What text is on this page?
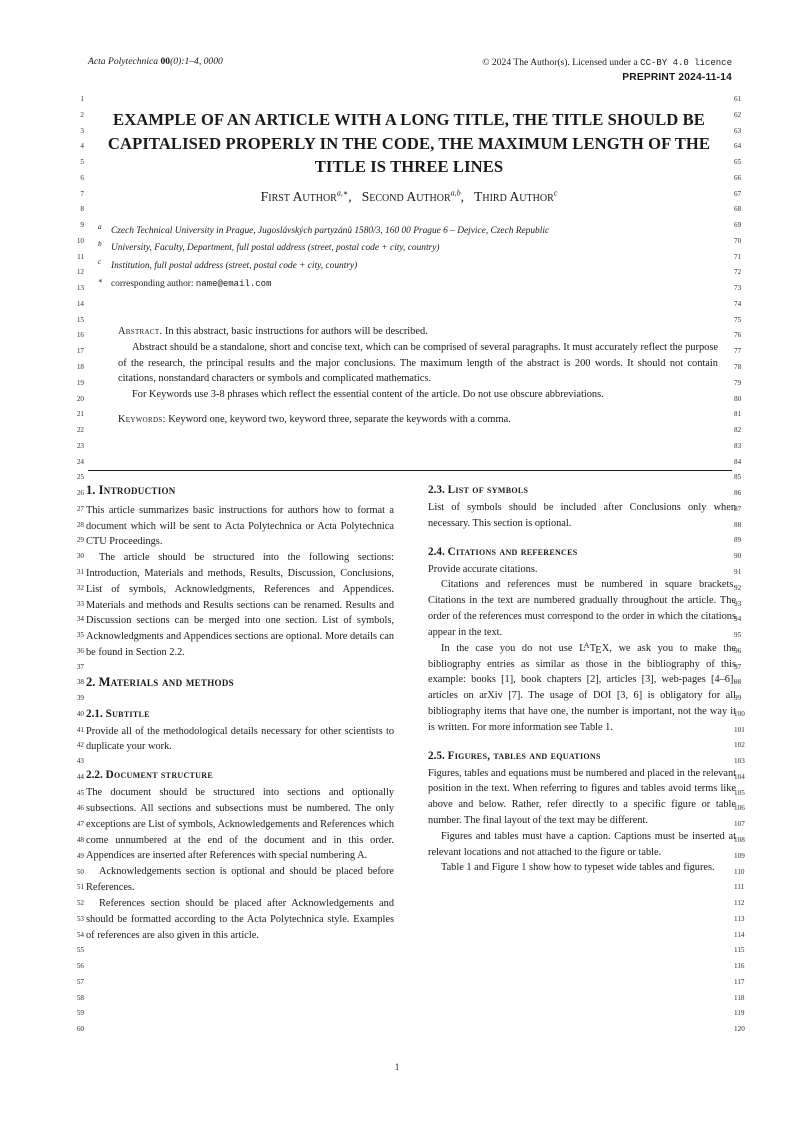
1
2
3
4
5
6
7
8
9
10
11
12
13
14
15
16
17
18
19
20
21
22
23
24
25
26
27
28
29
30
31
32
33
34
35
36
37
38
39
40
41
42
43
44
45
46
47
48
49
50
51
52
53
54
55
56
57
58
59
60
61
62
63
64
65
66
67
68
69
70
71
72
73
74
75
76
77
78
79
80
81
82
83
84
85
86
87
88
89
90
91
92
93
94
95
96
97
98
99
100
101
102
103
104
105
106
107
108
109
110
111
112
113
114
115
116
117
118
119
120
Acta Polytechnica 00(0):1–4, 0000	© 2024 The Author(s). Licensed under a CC-BY 4.0 licence
PREPRINT 2024-11-14
EXAMPLE OF AN ARTICLE WITH A LONG TITLE, THE TITLE SHOULD BE CAPITALISED PROPERLY IN THE CODE, THE MAXIMUM LENGTH OF THE TITLE IS THREE LINES
First Author$^{a,∗}$, Second Author$^{a,b}$, Third Author$^c$
a Czech Technical University in Prague, Jugoslávských partyzánů 1580/3, 160 00 Prague 6 – Dejvice, Czech Republic
b University, Faculty, Department, full postal address (street, postal code + city, country)
c Institution, full postal address (street, postal code + city, country)
∗ corresponding author: name@email.com

Abstract. In this abstract, basic instructions for authors will be described.

Abstract should be a standalone, short and concise text, which can be comprised of several paragraphs. It must accurately reflect the purpose of the research, the principal results and the major conclusions. The maximum length of the abstract is 200 words. It should not contain citations, nonstandard characters or symbols and complicated mathematics.

For Keywords use 3-8 phrases which reflect the essential content of the article. Do not use obscure abbreviations.

Keywords: Keyword one, keyword two, keyword three, separate the keywords with a comma.

1. Introduction

This article summarizes basic instructions for authors how to format a document which will be sent to Acta Polytechnica or Acta Polytechnica CTU Proceedings.

The article should be structured into the following sections: Introduction, Materials and methods, Results, Discussion, Conclusions, List of symbols, Acknowledgments, References and Appendices. Materials and methods and Results sections can be renamed. Results and Discussion sections can be merged into one section. List of symbols, Acknowledgments and Appendices sections are optional. More details can be found in Section 2.2.

2. Materials and methods
2.1. Subtitle

Provide all of the methodological details necessary for other scientists to duplicate your work.

2.2. Document structure

The document should be structured into sections and optionally subsections. All sections and subsections must be numbered. The only exceptions are List of symbols, Acknowledgements and References which come unnumbered at the end of the document and in this order. Appendices are inserted after References with special numbering A.

Acknowledgements section is optional and should be placed before References.

References section should be placed after Acknowledgements and should be formatted according to the Acta Polytechnica style. Examples of references are also given in this article.

2.3. List of symbols

List of symbols should be included after Conclusions only when necessary. This section is optional.

2.4. Citations and references

Provide accurate citations.

Citations and references must be numbered in square brackets. Citations in the text are numbered gradually throughout the article. The order of the references must correspond to the order in which the citations appear in the text.

In the case you do not use $L^ATEX$, we ask you to make the bibliography entries as similar as those in the bibliography of this example: books [1], book chapters [2], articles [3], web-pages [4–6], articles on arXiv [7]. The usage of DOI [3, 6] is obligatory for all bibliography items that have one, the number is important, not the way it is written. For more information see Table 1.

2.5. Figures, tables and equations

Figures, tables and equations must be numbered and placed in the relevant position in the text. When referring to figures and tables avoid terms like above and below. Rather, refer directly to a specific figure or table number. The final layout of the text may be different.

Figures and tables must have a caption. Captions must be inserted at relevant locations and not attached to the figure or table.

Table 1 and Figure 1 show how to typeset wide tables and figures.

1
